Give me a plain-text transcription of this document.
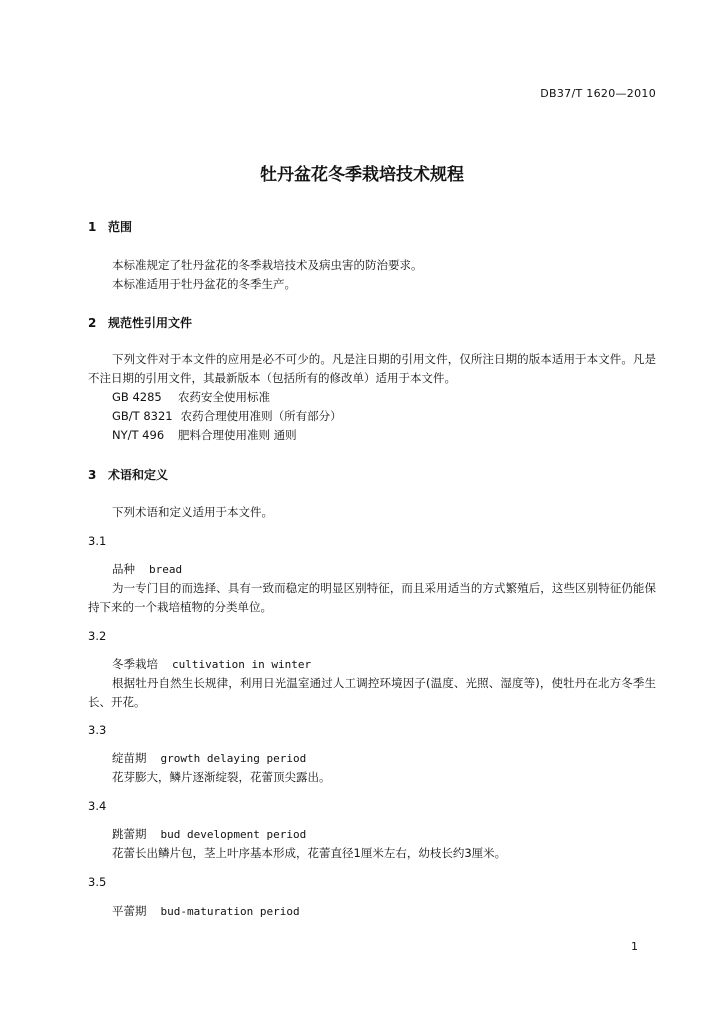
DB37/T 1620—2010
牡丹盆花冬季栽培技术规程
1 范围
本标准规定了牡丹盆花的冬季栽培技术及病虫害的防治要求。
本标准适用于牡丹盆花的冬季生产。
2 规范性引用文件
下列文件对于本文件的应用是必不可少的。凡是注日期的引用文件，仅所注日期的版本适用于本文件。凡是不注日期的引用文件，其最新版本（包括所有的修改单）适用于本文件。
GB 4285 农药安全使用标准
GB/T 8321 农药合理使用准则（所有部分）
NY/T 496 肥料合理使用准则 通则
3 术语和定义
下列术语和定义适用于本文件。
3.1
品种 bread
为一专门目的而选择、具有一致而稳定的明显区别特征，而且采用适当的方式繁殖后，这些区别特征仍能保持下来的一个栽培植物的分类单位。
3.2
冬季栽培 cultivation in winter
根据牡丹自然生长规律，利用日光温室通过人工调控环境因子(温度、光照、湿度等)，使牡丹在北方冬季生长、开花。
3.3
绽苗期 growth delaying period
花芽膨大，鳞片逐渐绽裂，花蕾顶尖露出。
3.4
跳蕾期 bud development period
花蕾长出鳞片包，茎上叶序基本形成，花蕾直径1厘米左右，幼枝长约3厘米。
3.5
平蕾期 bud-maturation period
1
